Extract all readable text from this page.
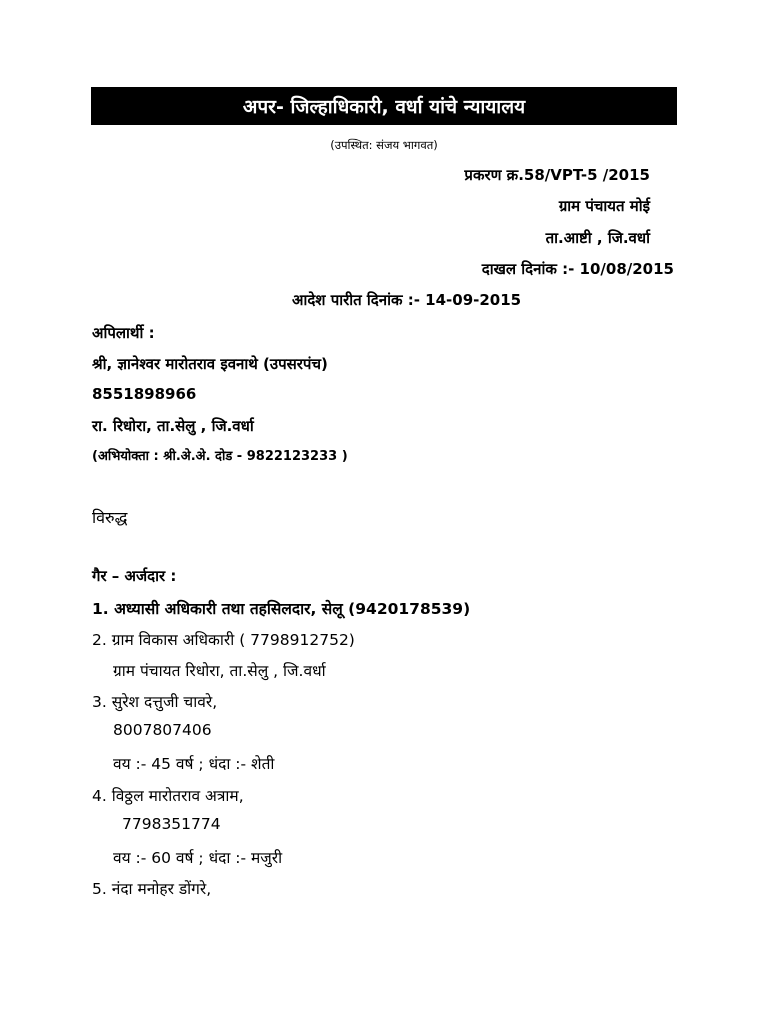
अपर- जिल्हाधिकारी, वर्धा यांचे न्यायालय
(उपस्थित: संजय भागवत)
प्रकरण क्र.58/VPT-5 /2015
ग्राम पंचायत मोई
ता.आष्टी , जि.वर्धा
दाखल दिनांक :- 10/08/2015
आदेश पारीत दिनांक :- 14-09-2015
अपिलार्थी :
श्री, ज्ञानेश्वर मारोतराव इवनाथे (उपसरपंच)
8551898966
रा. रिधोरा, ता.सेलु , जि.वर्धा
(अभियोक्ता : श्री.अे.अे. दोड - 9822123233 )
विरुद्ध
गैर – अर्जदार :
1. अध्यासी अधिकारी तथा तहसिलदार, सेलू (9420178539)
2. ग्राम विकास अधिकारी ( 7798912752)
ग्राम पंचायत रिधोरा, ता.सेलु , जि.वर्धा
3. सुरेश दत्तुजी चावरे,
8007807406
वय :- 45 वर्ष ; धंदा :- शेती
4. विठ्ठल मारोतराव अत्राम,
7798351774
वय :- 60 वर्ष ; धंदा :- मजुरी
5. नंदा मनोहर डोंगरे,
